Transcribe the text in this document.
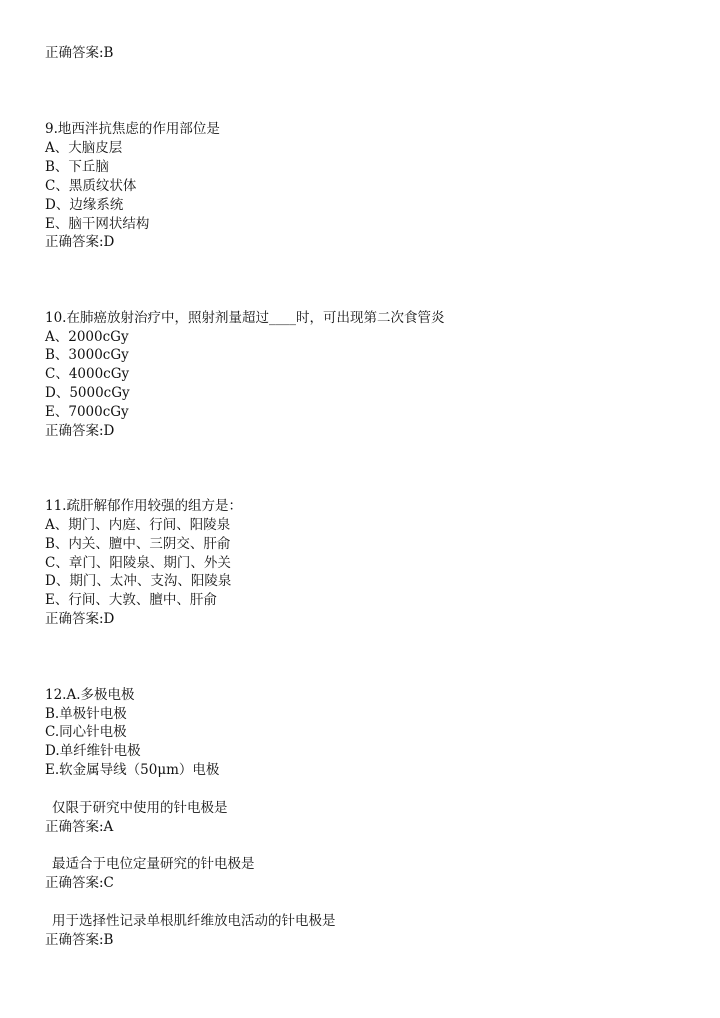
正确答案:B
9.地西泮抗焦虑的作用部位是
A、大脑皮层
B、下丘脑
C、黑质纹状体
D、边缘系统
E、脑干网状结构
正确答案:D
10.在肺癌放射治疗中，照射剂量超过____时，可出现第二次食管炎
A、2000cGy
B、3000cGy
C、4000cGy
D、5000cGy
E、7000cGy
正确答案:D
11.疏肝解郁作用较强的组方是：
A、期门、内庭、行间、阳陵泉
B、内关、膻中、三阴交、肝俞
C、章门、阳陵泉、期门、外关
D、期门、太冲、支沟、阳陵泉
E、行间、大敦、膻中、肝俞
正确答案:D
12.A.多极电极
B.单极针电极
C.同心针电极
D.单纤维针电极
E.软金属导线（50μm）电极
仅限于研究中使用的针电极是
正确答案:A
最适合于电位定量研究的针电极是
正确答案:C
用于选择性记录单根肌纤维放电活动的针电极是
正确答案:B
